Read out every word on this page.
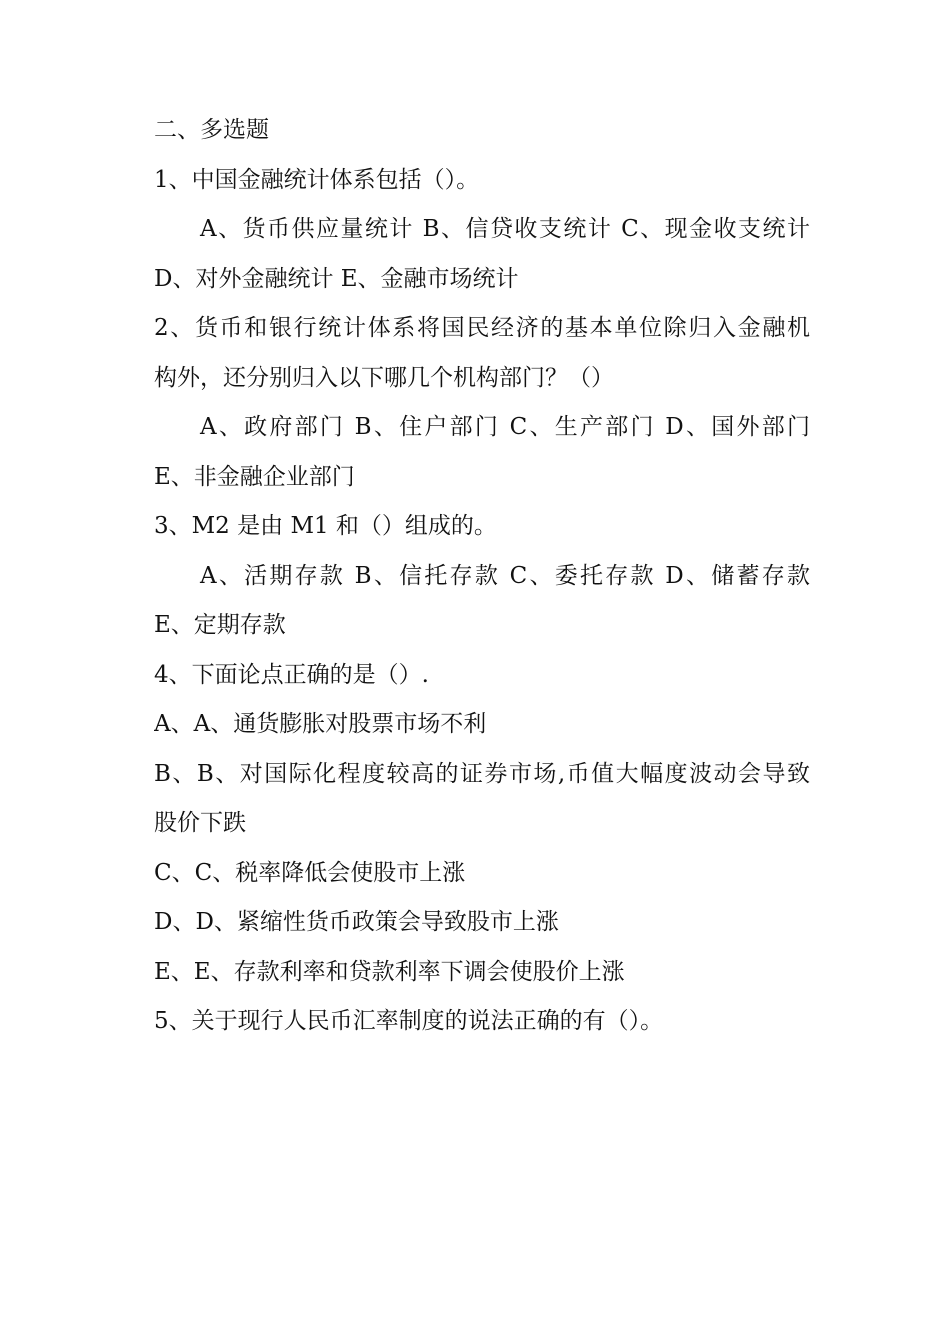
二、多选题
1、中国金融统计体系包括（）。
A、货币供应量统计 B、信贷收支统计 C、现金收支统计
D、对外金融统计 E、金融市场统计
2、货币和银行统计体系将国民经济的基本单位除归入金融机
构外，还分别归入以下哪几个机构部门？（）
A、政府部门 B、住户部门 C、生产部门 D、国外部门
E、非金融企业部门
3、M2 是由 M1 和（）组成的。
A、活期存款 B、信托存款 C、委托存款 D、储蓄存款
E、定期存款
4、下面论点正确的是（）.
A、A、通货膨胀对股票市场不利
B、B、对国际化程度较高的证券市场,币值大幅度波动会导致
股价下跌
C、C、税率降低会使股市上涨
D、D、紧缩性货币政策会导致股市上涨
E、E、存款利率和贷款利率下调会使股价上涨
5、关于现行人民币汇率制度的说法正确的有（）。
